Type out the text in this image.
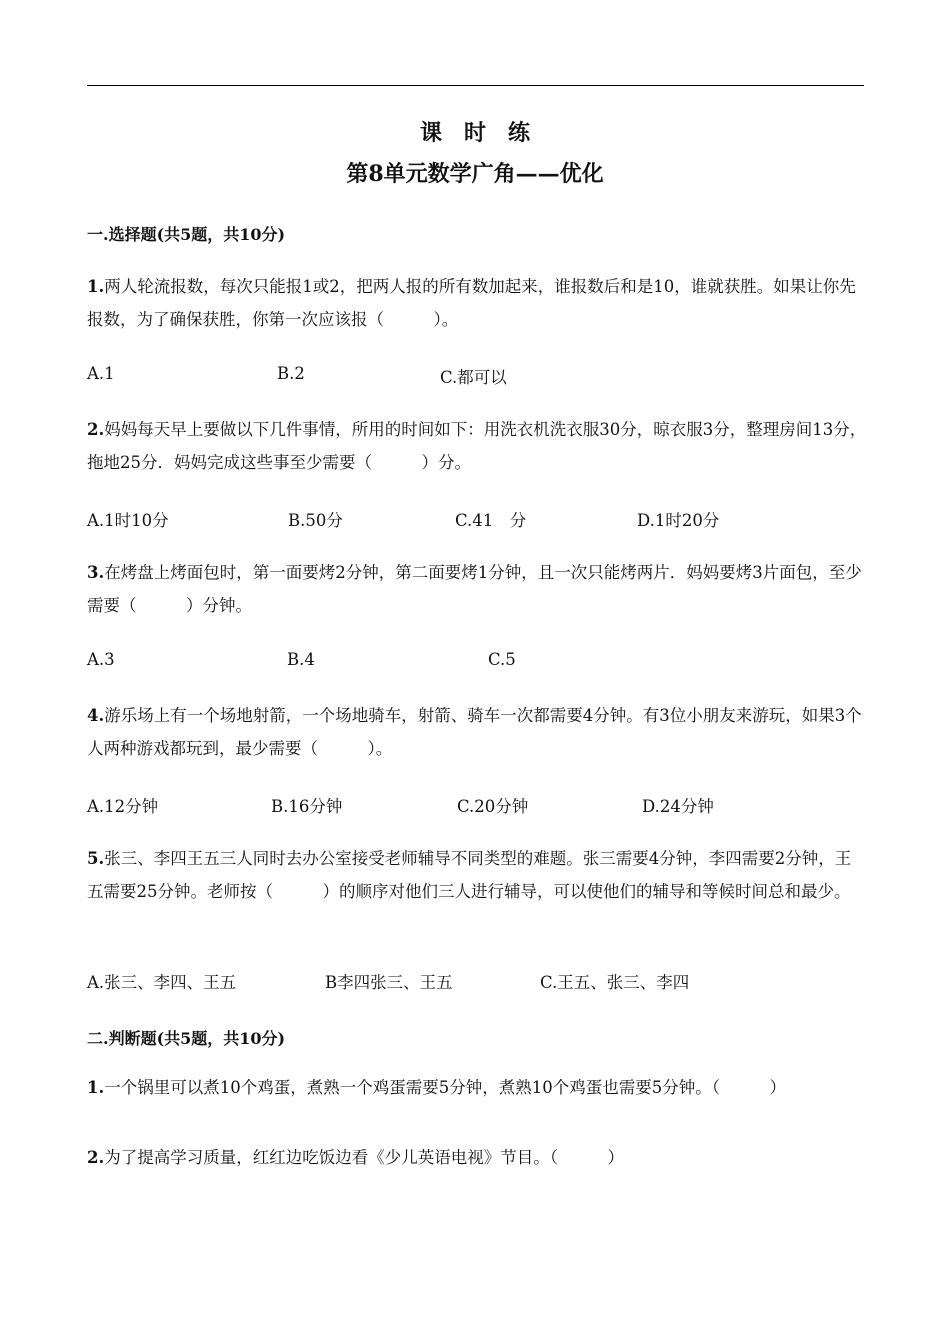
课时练
第8单元数学广角——优化
一.选择题(共5题，共10分)
1.两人轮流报数，每次只能报1或2，把两人报的所有数加起来，谁报数后和是10，谁就获胜。如果让你先报数，为了确保获胜，你第一次应该报（　　　）。
A.1	B.2	C.都可以
2.妈妈每天早上要做以下几件事情，所用的时间如下：用洗衣机洗衣服30分，晾衣服3分，整理房间13分，拖地25分．妈妈完成这些事至少需要（　　　）分。
A.1时10分	B.50分	C.41　分	D.1时20分
3.在烤盘上烤面包时，第一面要烤2分钟，第二面要烤1分钟，且一次只能烤两片．妈妈要烤3片面包，至少需要（　　　）分钟。
A.3	B.4	C.5
4.游乐场上有一个场地射箭，一个场地骑车，射箭、骑车一次都需要4分钟。有3位小朋友来游玩，如果3个人两种游戏都玩到，最少需要（　　　）。
A.12分钟	B.16分钟	C.20分钟	D.24分钟
5.张三、李四王五三人同时去办公室接受老师辅导不同类型的难题。张三需要4分钟，李四需要2分钟，王五需要25分钟。老师按（　　　）的顺序对他们三人进行辅导，可以使他们的辅导和等候时间总和最少。
A.张三、李四、王五	B李四张三、王五	C.王五、张三、李四
二.判断题(共5题，共10分)
1.一个锅里可以煮10个鸡蛋，煮熟一个鸡蛋需要5分钟，煮熟10个鸡蛋也需要5分钟。（　　　）
2.为了提高学习质量，红红边吃饭边看《少儿英语电视》节目。（　　　）
